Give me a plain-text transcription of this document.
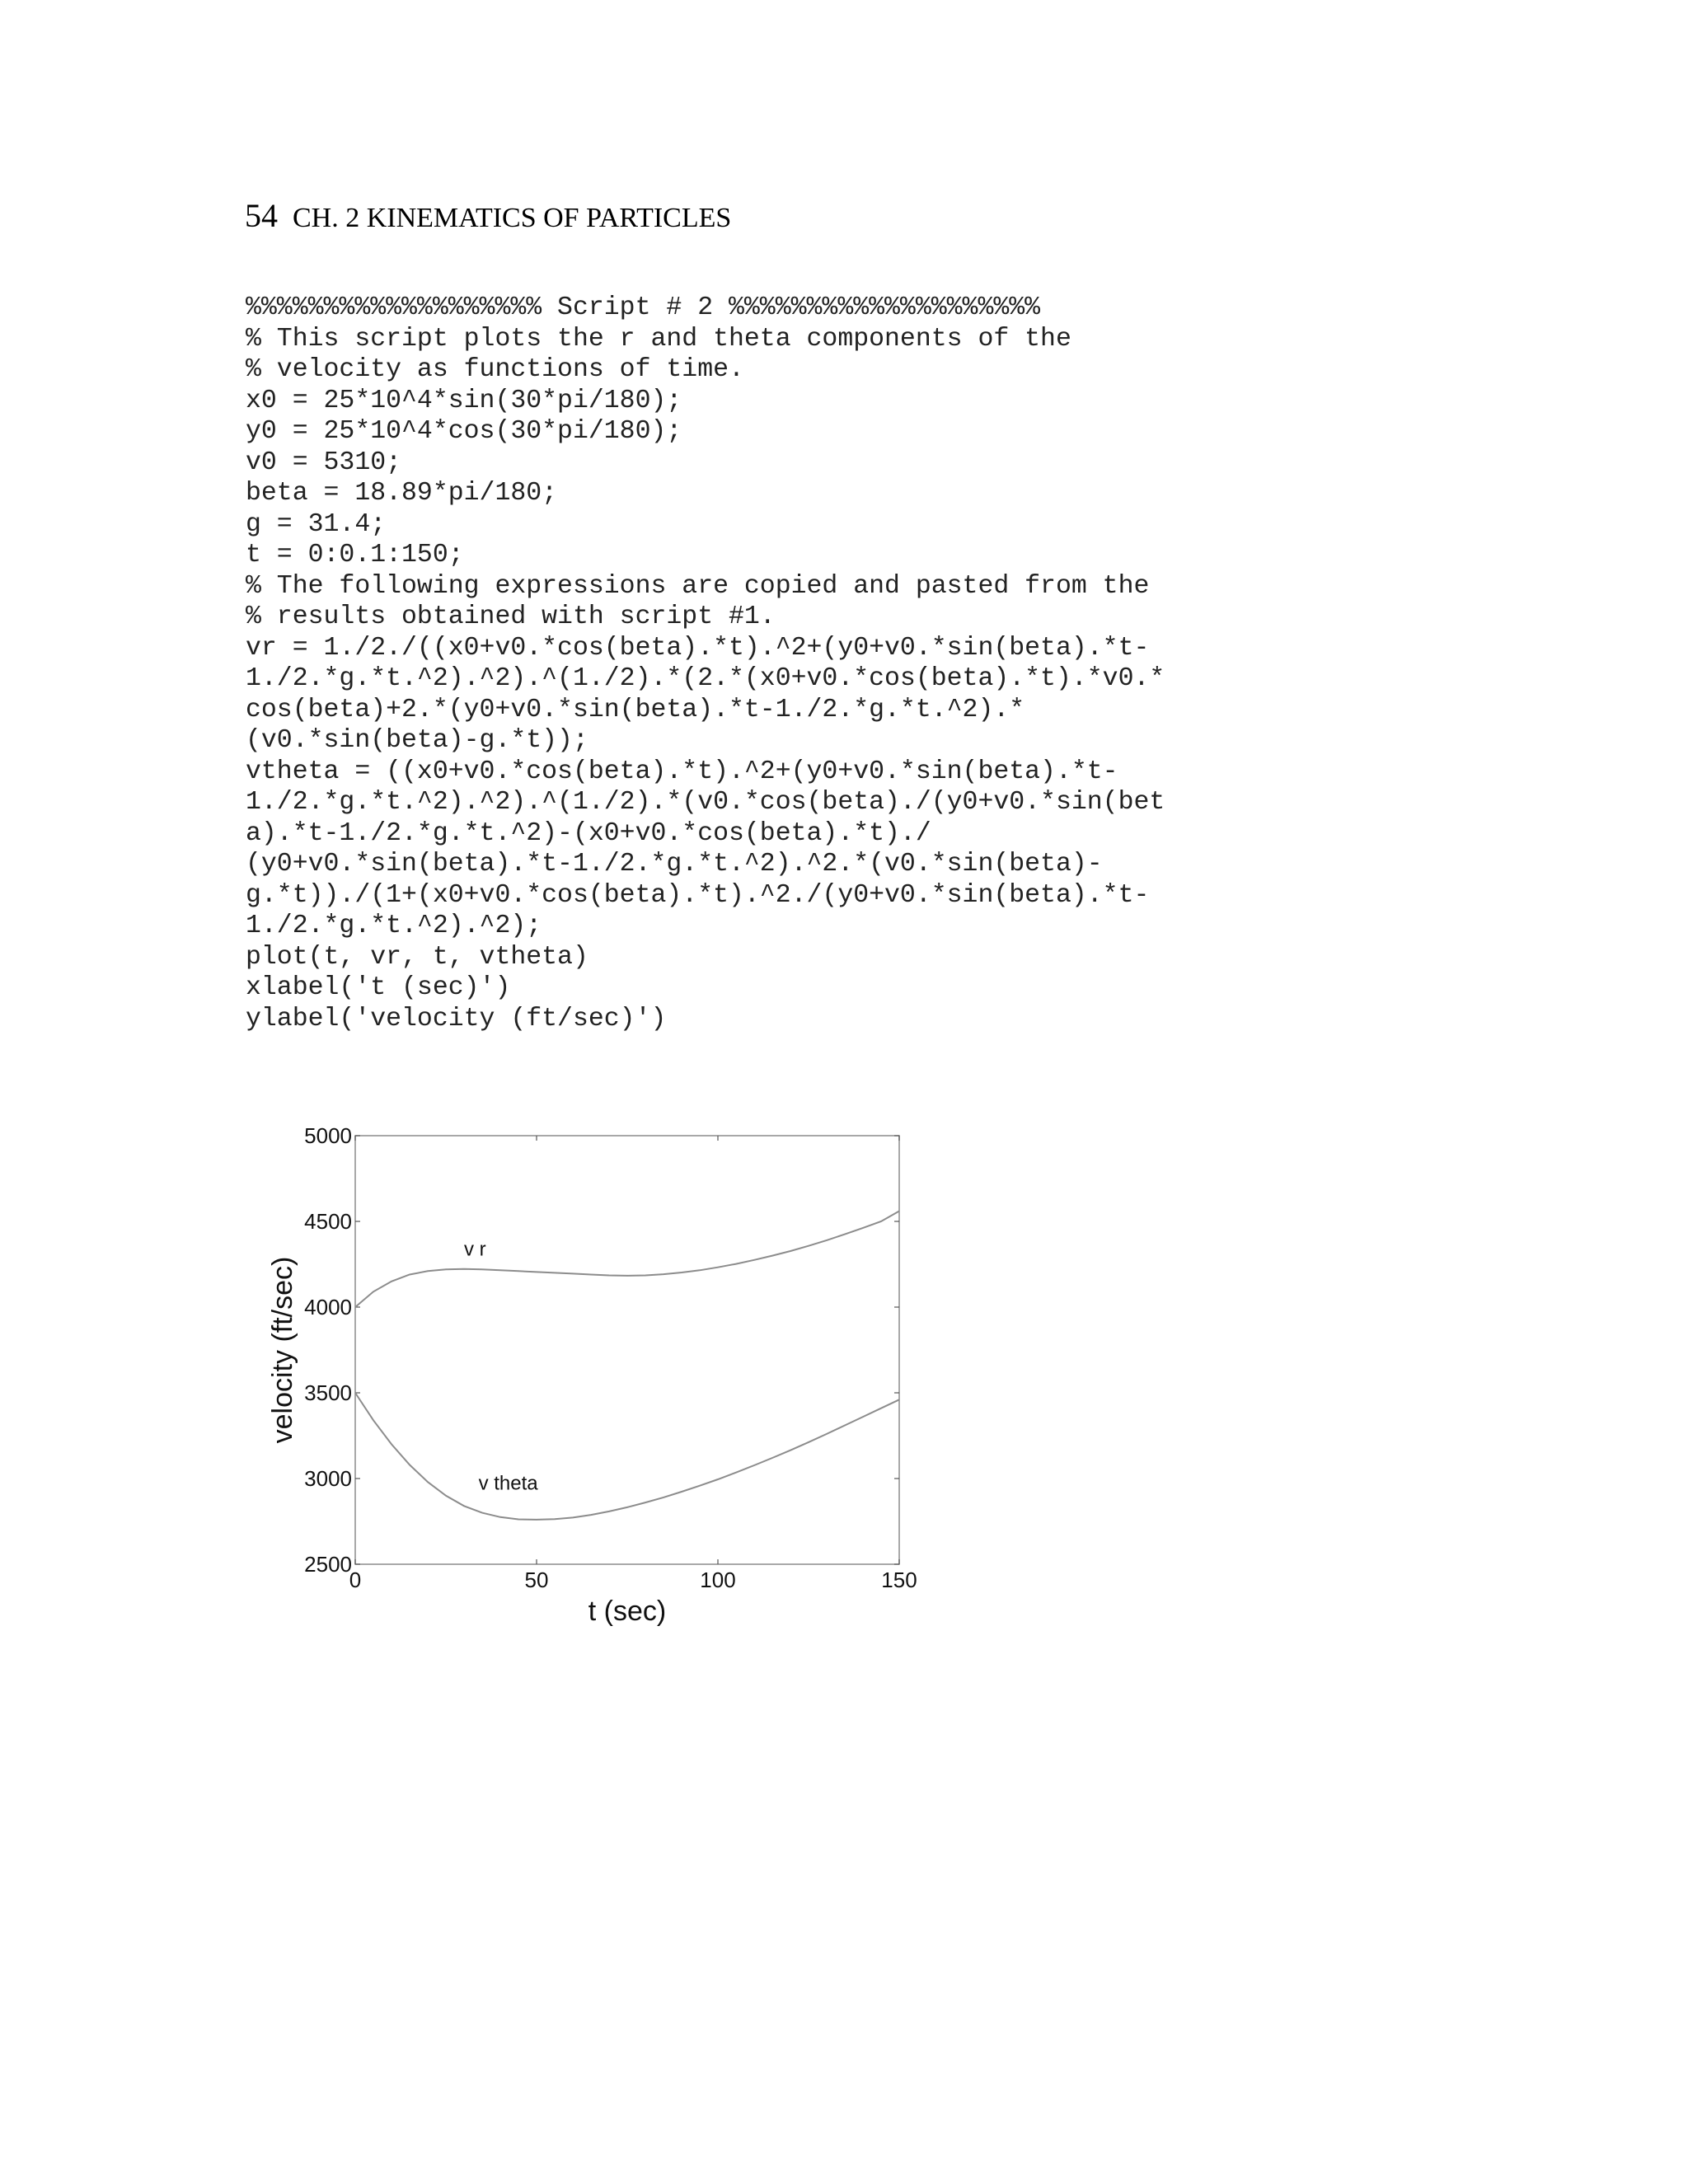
54 CH. 2 KINEMATICS OF PARTICLES
%%%%%%%%%%%%%%%%%%% Script # 2 %%%%%%%%%%%%%%%%%%%%
% This script plots the r and theta components of the
% velocity as functions of time.
x0 = 25*10^4*sin(30*pi/180);
y0 = 25*10^4*cos(30*pi/180);
v0 = 5310;
beta = 18.89*pi/180;
g = 31.4;
t = 0:0.1:150;
% The following expressions are copied and pasted from the
% results obtained with script #1.
vr = 1./2./((x0+v0.*cos(beta).*t).^2+(y0+v0.*sin(beta).*t-
1./2.*g.*t.^2).^2).^(1./2).*(2.*(x0+v0.*cos(beta).*t).*v0.*
cos(beta)+2.*(y0+v0.*sin(beta).*t-1./2.*g.*t.^2).*
(v0.*sin(beta)-g.*t));
vtheta = ((x0+v0.*cos(beta).*t).^2+(y0+v0.*sin(beta).*t-
1./2.*g.*t.^2).^2).^(1./2).*(v0.*cos(beta)./(y0+v0.*sin(bet
a).*t-1./2.*g.*t.^2)-(x0+v0.*cos(beta).*t)./
(y0+v0.*sin(beta).*t-1./2.*g.*t.^2).^2.*(v0.*sin(beta)-
g.*t))./(1+(x0+v0.*cos(beta).*t).^2./(y0+v0.*sin(beta).*t-
1./2.*g.*t.^2).^2);
plot(t, vr, t, vtheta)
xlabel('t (sec)')
ylabel('velocity (ft/sec)')
0	50	100	150
2500
3000
3500
4000
4500
5000
t (sec)
velocity (ft/sec)
v r
v theta
